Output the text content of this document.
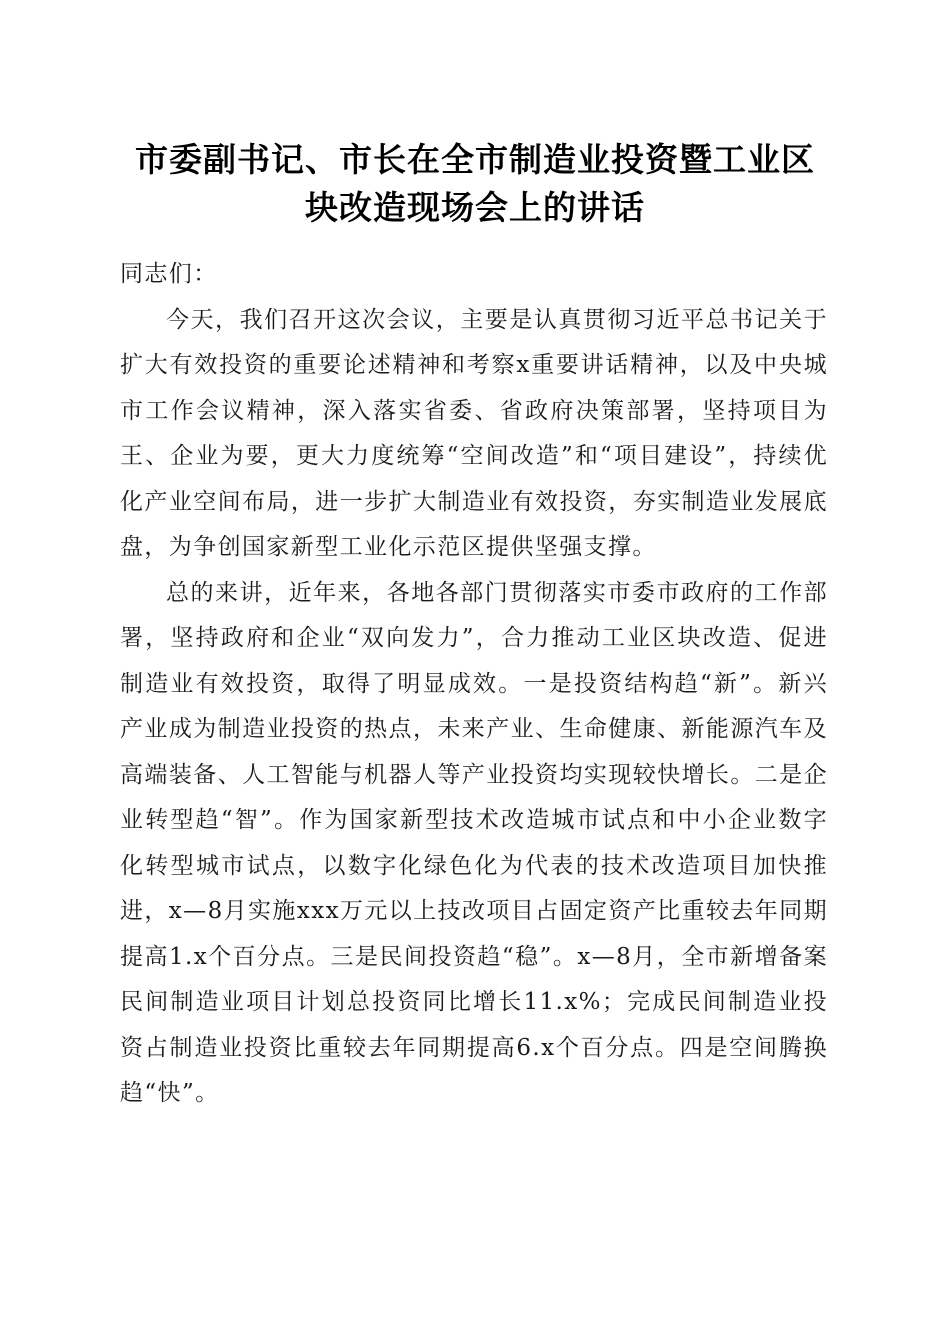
市委副书记、市长在全市制造业投资暨工业区
块改造现场会上的讲话

同志们：

今天，我们召开这次会议，主要是认真贯彻习近平总书记关于扩大有效投资的重要论述精神和考察x重要讲话精神，以及中央城市工作会议精神，深入落实省委、省政府决策部署，坚持项目为王、企业为要，更大力度统筹“空间改造”和“项目建设”，持续优化产业空间布局，进一步扩大制造业有效投资，夯实制造业发展底盘，为争创国家新型工业化示范区提供坚强支撑。

总的来讲，近年来，各地各部门贯彻落实市委市政府的工作部署，坚持政府和企业“双向发力”，合力推动工业区块改造、促进制造业有效投资，取得了明显成效。一是投资结构趋“新”。新兴产业成为制造业投资的热点，未来产业、生命健康、新能源汽车及高端装备、人工智能与机器人等产业投资均实现较快增长。二是企业转型趋“智”。作为国家新型技术改造城市试点和中小企业数字化转型城市试点，以数字化绿色化为代表的技术改造项目加快推进，x—8月实施xxx万元以上技改项目占固定资产比重较去年同期提高1.x个百分点。三是民间投资趋“稳”。x—8月，全市新增备案民间制造业项目计划总投资同比增长11.x%；完成民间制造业投资占制造业投资比重较去年同期提高6.x个百分点。四是空间腾换趋“快”。
